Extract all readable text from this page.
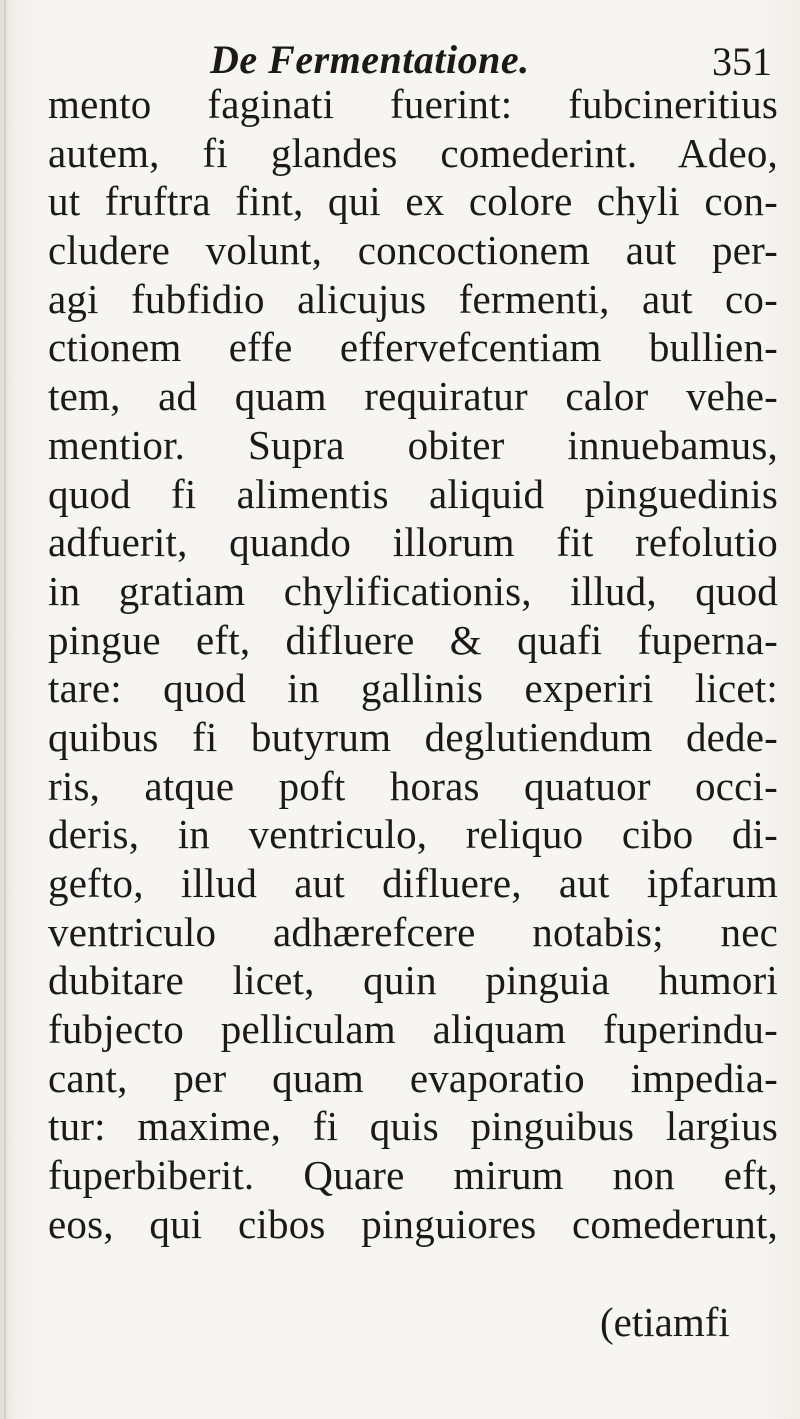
De Fermentatione.	351
mento faginati fuerint: fubcineritius
autem, fi glandes comederint. Adeo,
ut fruftra fint, qui ex colore chyli con-
cludere volunt, concoctionem aut per-
agi fubfidio alicujus fermenti, aut co-
ctionem effe effervefcentiam bullien-
tem, ad quam requiratur calor vehe-
mentior. Supra obiter innuebamus,
quod fi alimentis aliquid pinguedinis
adfuerit, quando illorum fit refolutio
in gratiam chylificationis, illud, quod
pingue eft, difluere & quafi fuperna-
tare: quod in gallinis experiri licet:
quibus fi butyrum deglutiendum dede-
ris, atque poft horas quatuor occi-
deris, in ventriculo, reliquo cibo di-
gefto, illud aut difluere, aut ipfarum
ventriculo adhærefcere notabis; nec
dubitare licet, quin pinguia humori
fubjecto pelliculam aliquam fuperindu-
cant, per quam evaporatio impedia-
tur: maxime, fi quis pinguibus largius
fuperbiberit. Quare mirum non eft,
eos, qui cibos pinguiores comederunt,
(etiamfi
